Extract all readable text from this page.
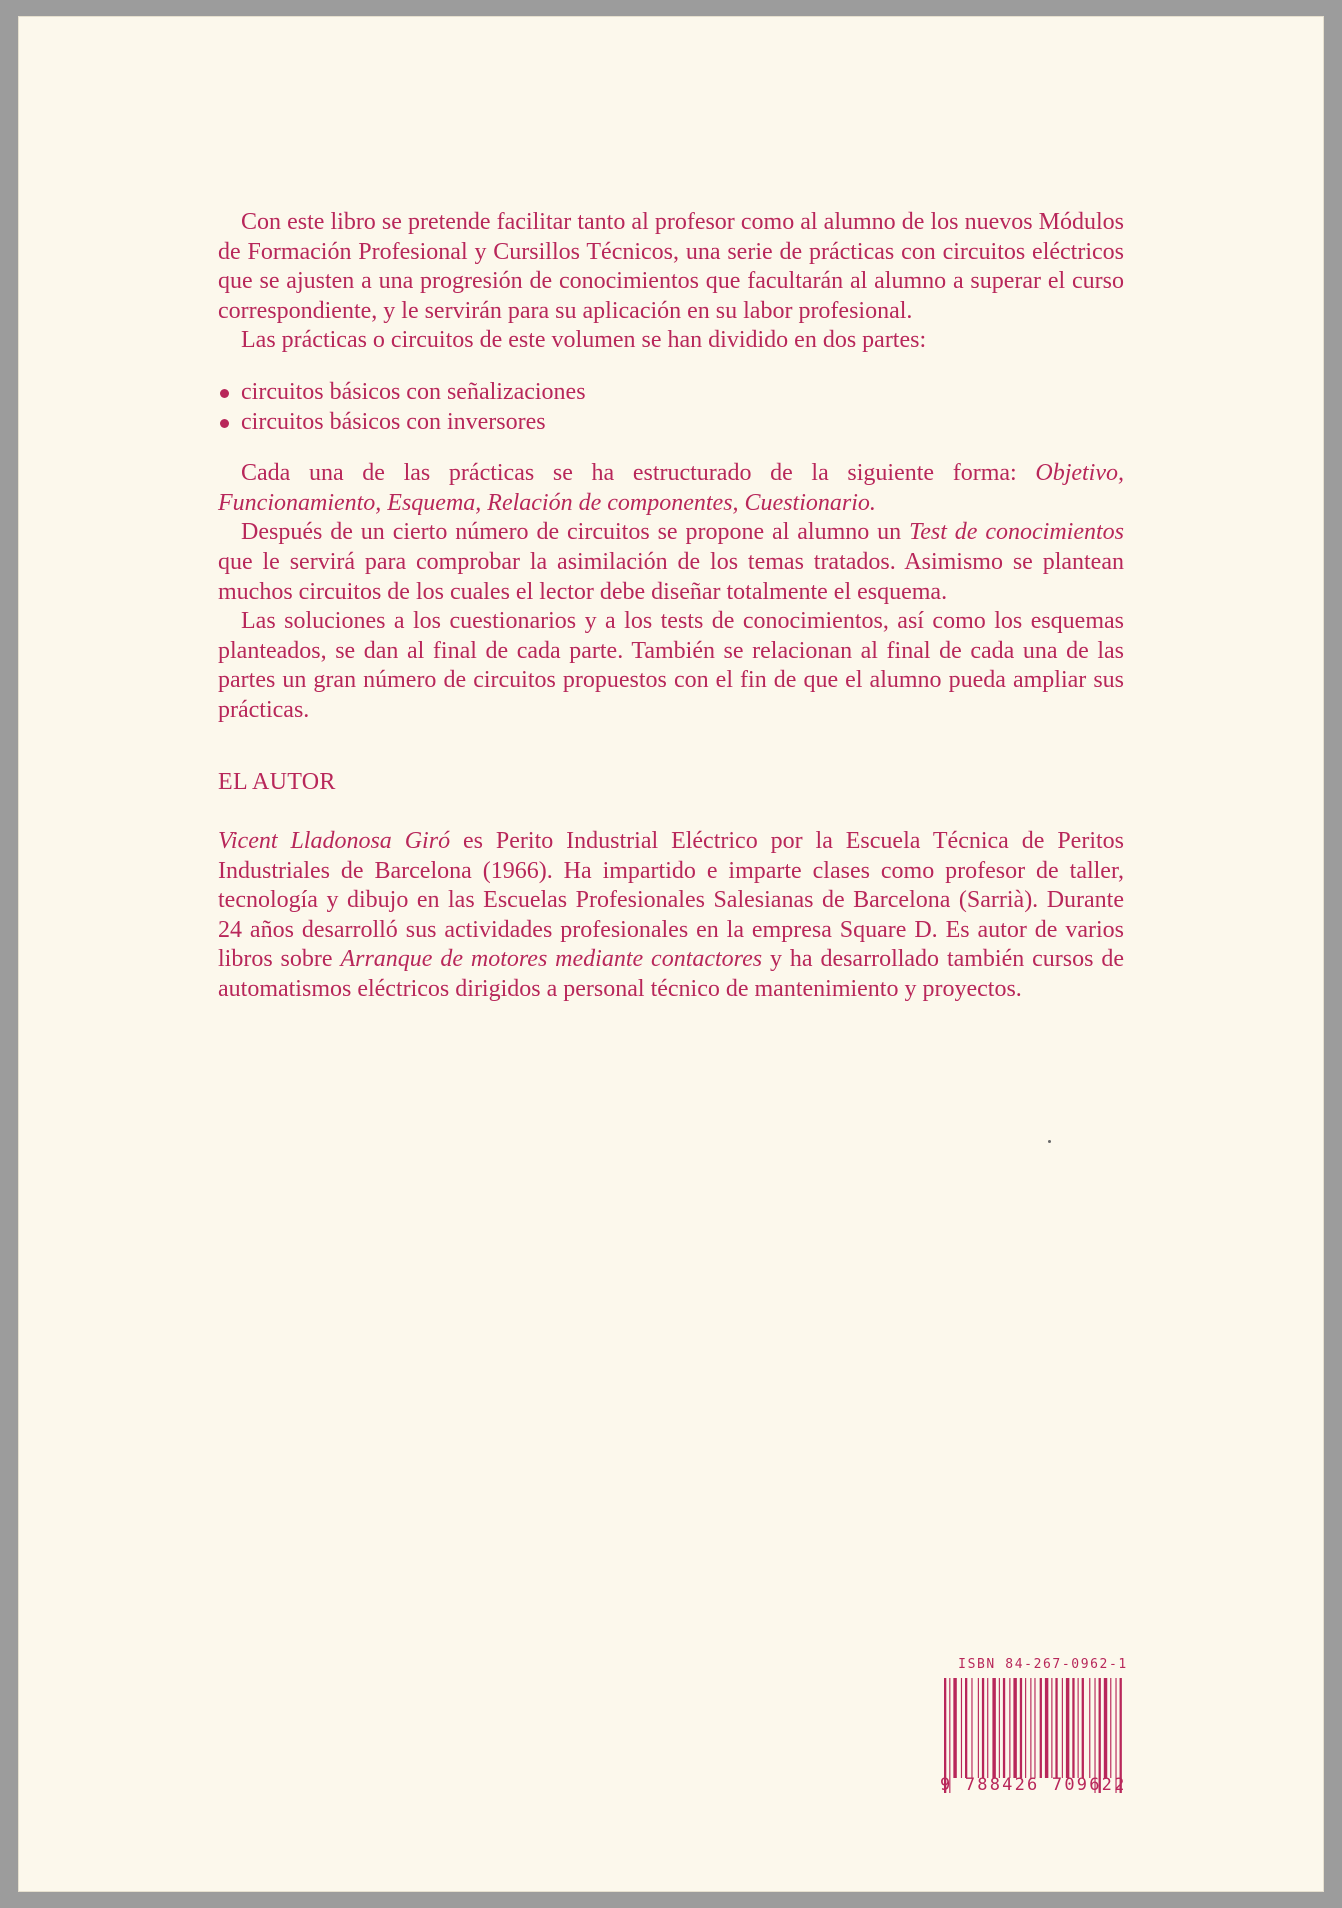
Con este libro se pretende facilitar tanto al profesor como al alumno de los nuevos Módulos de Formación Profesional y Cursillos Técnicos, una serie de prácticas con circuitos eléctricos que se ajusten a una progresión de conocimientos que facultarán al alumno a superar el curso correspondiente, y le servirán para su aplicación en su labor profesional.

Las prácticas o circuitos de este volumen se han dividido en dos partes:

circuitos básicos con señalizaciones
circuitos básicos con inversores

Cada una de las prácticas se ha estructurado de la siguiente forma: Objetivo, Funcionamiento, Esquema, Relación de componentes, Cuestionario.

Después de un cierto número de circuitos se propone al alumno un Test de conocimientos que le servirá para comprobar la asimilación de los temas tratados. Asimismo se plantean muchos circuitos de los cuales el lector debe diseñar totalmente el esquema.

Las soluciones a los cuestionarios y a los tests de conocimientos, así como los esquemas planteados, se dan al final de cada parte. También se relacionan al final de cada una de las partes un gran número de circuitos propuestos con el fin de que el alumno pueda ampliar sus prácticas.

EL AUTOR

Vicent Lladonosa Giró es Perito Industrial Eléctrico por la Escuela Técnica de Peritos Industriales de Barcelona (1966). Ha impartido e imparte clases como profesor de taller, tecnología y dibujo en las Escuelas Profesionales Salesianas de Barcelona (Sarrià). Durante 24 años desarrolló sus actividades profesionales en la empresa Square D. Es autor de varios libros sobre Arranque de motores mediante contactores y ha desarrollado también cursos de automatismos eléctricos dirigidos a personal técnico de mantenimiento y proyectos.

ISBN 84-267-0962-1
9 788426 709622
